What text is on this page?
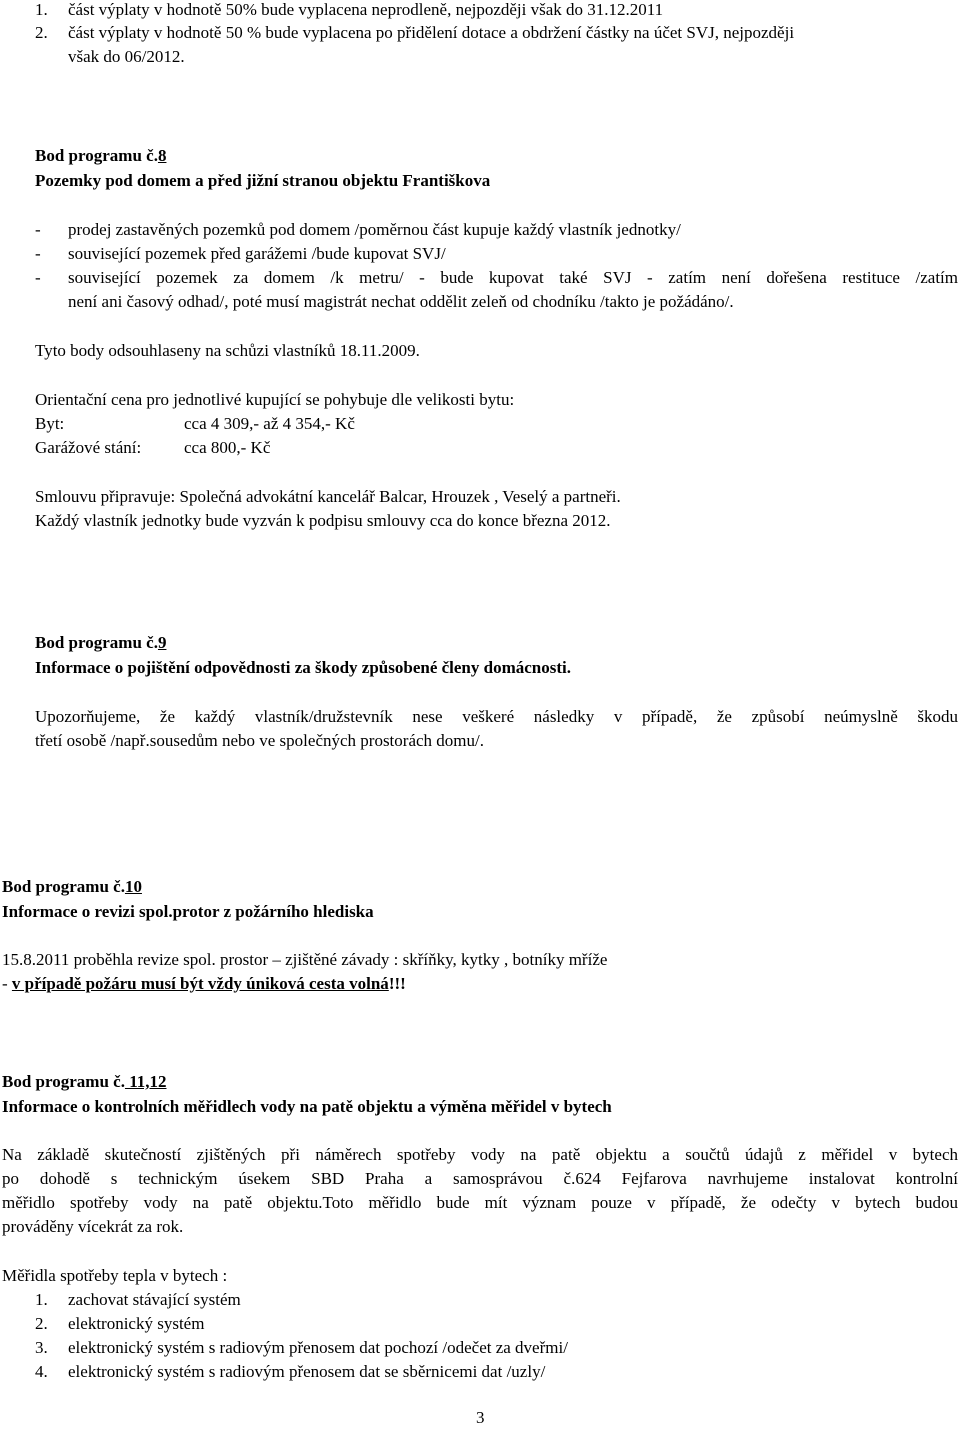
1. část výplaty v hodnotě 50% bude vyplacena neprodleně, nejpozději však do 31.12.2011
2. část výplaty v hodnotě 50 % bude vyplacena po přidělení dotace a obdržení částky na účet SVJ, nejpozději
však do 06/2012.
Bod programu č.8
Pozemky pod domem a před jižní stranou objektu Františkova
- prodej zastavěných pozemků pod domem /poměrnou část kupuje každý vlastník jednotky/
- související pozemek před garážemi /bude kupovat SVJ/
- související pozemek za domem /k metru/ - bude kupovat také SVJ - zatím není dořešena restituce /zatím
není ani časový odhad/, poté musí magistrát nechat oddělit zeleň od chodníku /takto je požádáno/.
Tyto body odsouhlaseny na schůzi vlastníků 18.11.2009.
Orientační cena pro jednotlivé kupující se pohybuje dle velikosti bytu:
Byt:	cca 4 309,- až 4 354,- Kč
Garážové stání:	cca 800,- Kč
Smlouvu připravuje: Společná advokátní kancelář Balcar, Hrouzek , Veselý a partneři.
Každý vlastník jednotky bude vyzván k podpisu smlouvy cca do konce března 2012.
Bod programu č.9
Informace o pojištění odpovědnosti za škody způsobené členy domácnosti.
Upozorňujeme, že každý vlastník/družstevník nese veškeré následky v případě, že způsobí neúmyslně škodu
třetí osobě /např.sousedům nebo ve společných prostorách domu/.
Bod programu č.10
Informace o revizi spol.protor z požárního hlediska
15.8.2011 proběhla revize spol. prostor – zjištěné závady : skříňky, kytky , botníky mříže
- v případě požáru musí být vždy úniková cesta volná!!!
Bod programu č. 11,12
Informace o kontrolních měřidlech vody na patě objektu a výměna měřidel v bytech
Na základě skutečností zjištěných při náměrech spotřeby vody na patě objektu a součtů údajů z měřidel v bytech
po dohodě s technickým úsekem SBD Praha a samosprávou č.624 Fejfarova navrhujeme instalovat kontrolní
měřidlo spotřeby vody na patě objektu.Toto měřidlo bude mít význam pouze v případě, že odečty v bytech budou
prováděny vícekrát za rok.
Měřidla spotřeby tepla v bytech :
1. zachovat stávající systém
2. elektronický systém
3. elektronický systém s radiovým přenosem dat pochozí /odečet za dveřmi/
4. elektronický systém s radiovým přenosem dat se sběrnicemi dat /uzly/
3
